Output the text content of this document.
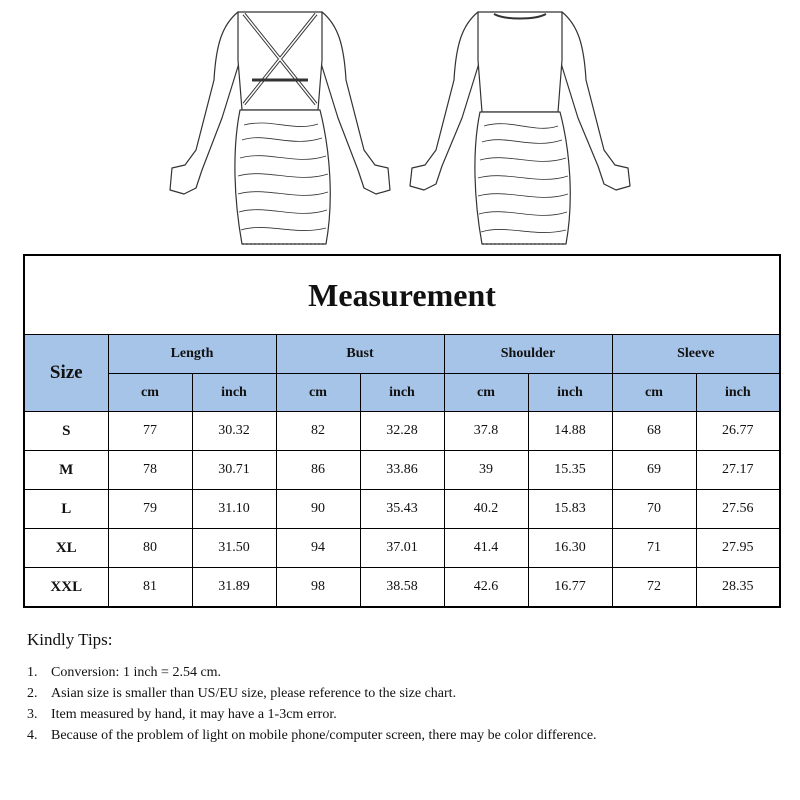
Measurement								
Size	Length		Bust		Shoulder		Sleeve	
	cm	inch	cm	inch	cm	inch	cm	inch
S	77	30.32	82	32.28	37.8	14.88	68	26.77
M	78	30.71	86	33.86	39	15.35	69	27.17
L	79	31.10	90	35.43	40.2	15.83	70	27.56
XL	80	31.50	94	37.01	41.4	16.30	71	27.95
XXL	81	31.89	98	38.58	42.6	16.77	72	28.35

Kindly Tips:

1. Conversion: 1 inch = 2.54 cm.
2. Asian size is smaller than US/EU size, please reference to the size chart.
3. Item measured by hand, it may have a 1-3cm error.
4. Because of the problem of light on mobile phone/computer screen, there may be color difference.
